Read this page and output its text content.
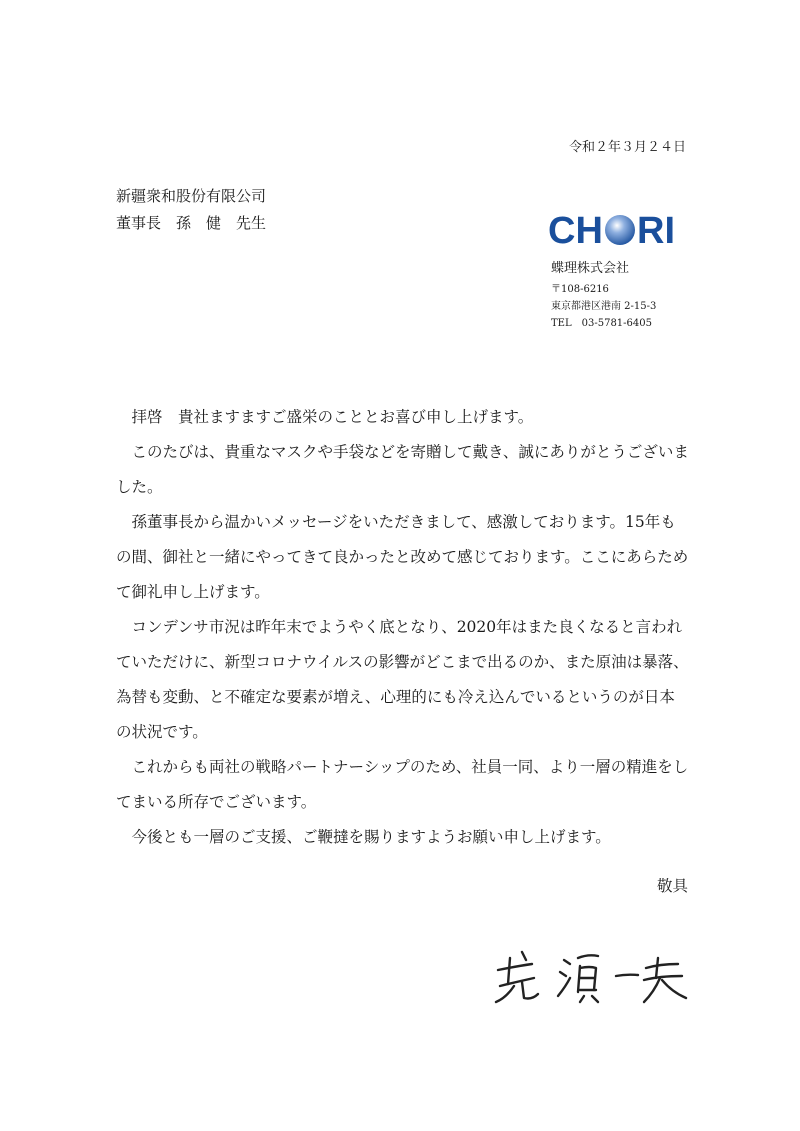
令和２年３月２４日
新疆衆和股份有限公司
董事長　孫　健　先生	CH RI
蝶理株式会社
〒108-6216
東京都港区港南 2-15-3
TEL　03-5781-6405

拝啓　貴社ますますご盛栄のこととお喜び申し上げます。

このたびは、貴重なマスクや手袋などを寄贈して戴き、誠にありがとうございました。

孫董事長から温かいメッセージをいただきまして、感激しております。15年もの間、御社と一緒にやってきて良かったと改めて感じております。ここにあらためて御礼申し上げます。

コンデンサ市況は昨年末でようやく底となり、2020年はまた良くなると言われていただけに、新型コロナウイルスの影響がどこまで出るのか、また原油は暴落、為替も変動、と不確定な要素が増え、心理的にも冷え込んでいるというのが日本の状況です。

これからも両社の戦略パートナーシップのため、社員一同、より一層の精進をしてまいる所存でございます。

今後とも一層のご支援、ご鞭撻を賜りますようお願い申し上げます。

敬具
